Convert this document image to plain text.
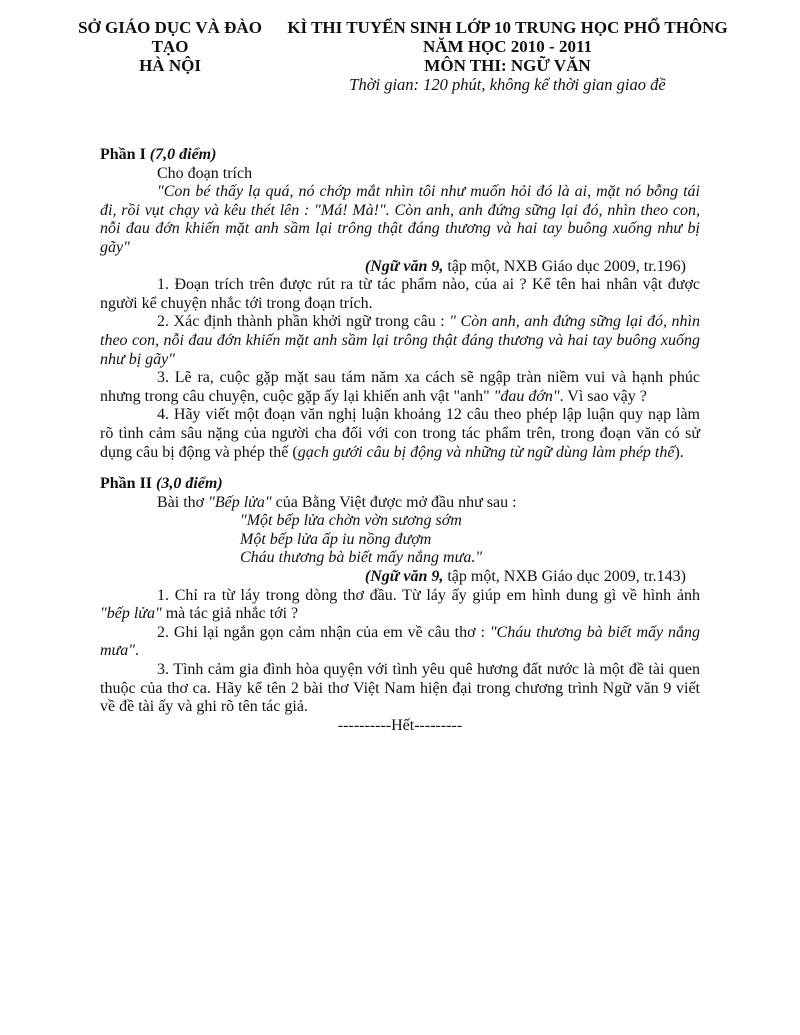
SỞ GIÁO DỤC VÀ ĐÀO TẠO
HÀ NỘI
KÌ THI TUYỂN SINH LỚP 10 TRUNG HỌC PHỔ THÔNG
NĂM HỌC 2010 - 2011
MÔN THI: NGỮ VĂN
Thời gian: 120 phút, không kể thời gian giao đề

Phần I (7,0 điểm)

Cho đoạn trích

"Con bé thấy lạ quá, nó chớp mắt nhìn tôi như muốn hỏi đó là ai, mặt nó bỗng tái đi, rồi vụt chạy và kêu thét lên : "Má! Mà!". Còn anh, anh đứng sững lại đó, nhìn theo con, nỗi đau đớn khiến mặt anh sầm lại trông thật đáng thương và hai tay buông xuống như bị gãy"

(Ngữ văn 9, tập một, NXB Giáo dục 2009, tr.196)

1. Đoạn trích trên được rút ra từ tác phẩm nào, của ai ? Kể tên hai nhân vật được người kể chuyện nhắc tới trong đoạn trích.

2. Xác định thành phần khởi ngữ trong câu : " Còn anh, anh đứng sững lại đó, nhìn theo con, nỗi đau đớn khiến mặt anh sầm lại trông thật đáng thương và hai tay buông xuống như bị gãy"

3. Lẽ ra, cuộc gặp mặt sau tám năm xa cách sẽ ngập tràn niềm vui và hạnh phúc nhưng trong câu chuyện, cuộc gặp ấy lại khiến anh vật "anh" "đau đớn". Vì sao vậy ?

4. Hãy viết một đoạn văn nghị luận khoảng 12 câu theo phép lập luận quy nạp làm rõ tình cảm sâu nặng của người cha đối với con trong tác phẩm trên, trong đoạn văn có sử dụng câu bị động và phép thế (gạch gưới câu bị động và những từ ngữ dùng làm phép thế).

Phần II (3,0 điểm)

Bài thơ "Bếp lửa" của Bằng Việt được mở đầu như sau :

"Một bếp lửa chờn vờn sương sớm

Một bếp lửa ấp iu nồng đượm

Cháu thương bà biết mấy nắng mưa."

(Ngữ văn 9, tập một, NXB Giáo dục 2009, tr.143)

1. Chỉ ra từ láy trong dòng thơ đầu. Từ láy ấy giúp em hình dung gì về hình ảnh "bếp lửa" mà tác giả nhắc tới ?

2. Ghi lại ngắn gọn cảm nhận của em về câu thơ : "Cháu thương bà biết mấy nắng mưa".

3. Tình cảm gia đình hòa quyện với tình yêu quê hương đất nước là một đề tài quen thuộc của thơ ca. Hãy kể tên 2 bài thơ Việt Nam hiện đại trong chương trình Ngữ văn 9 viết về đề tài ấy và ghi rõ tên tác giả.

----------Hết---------
